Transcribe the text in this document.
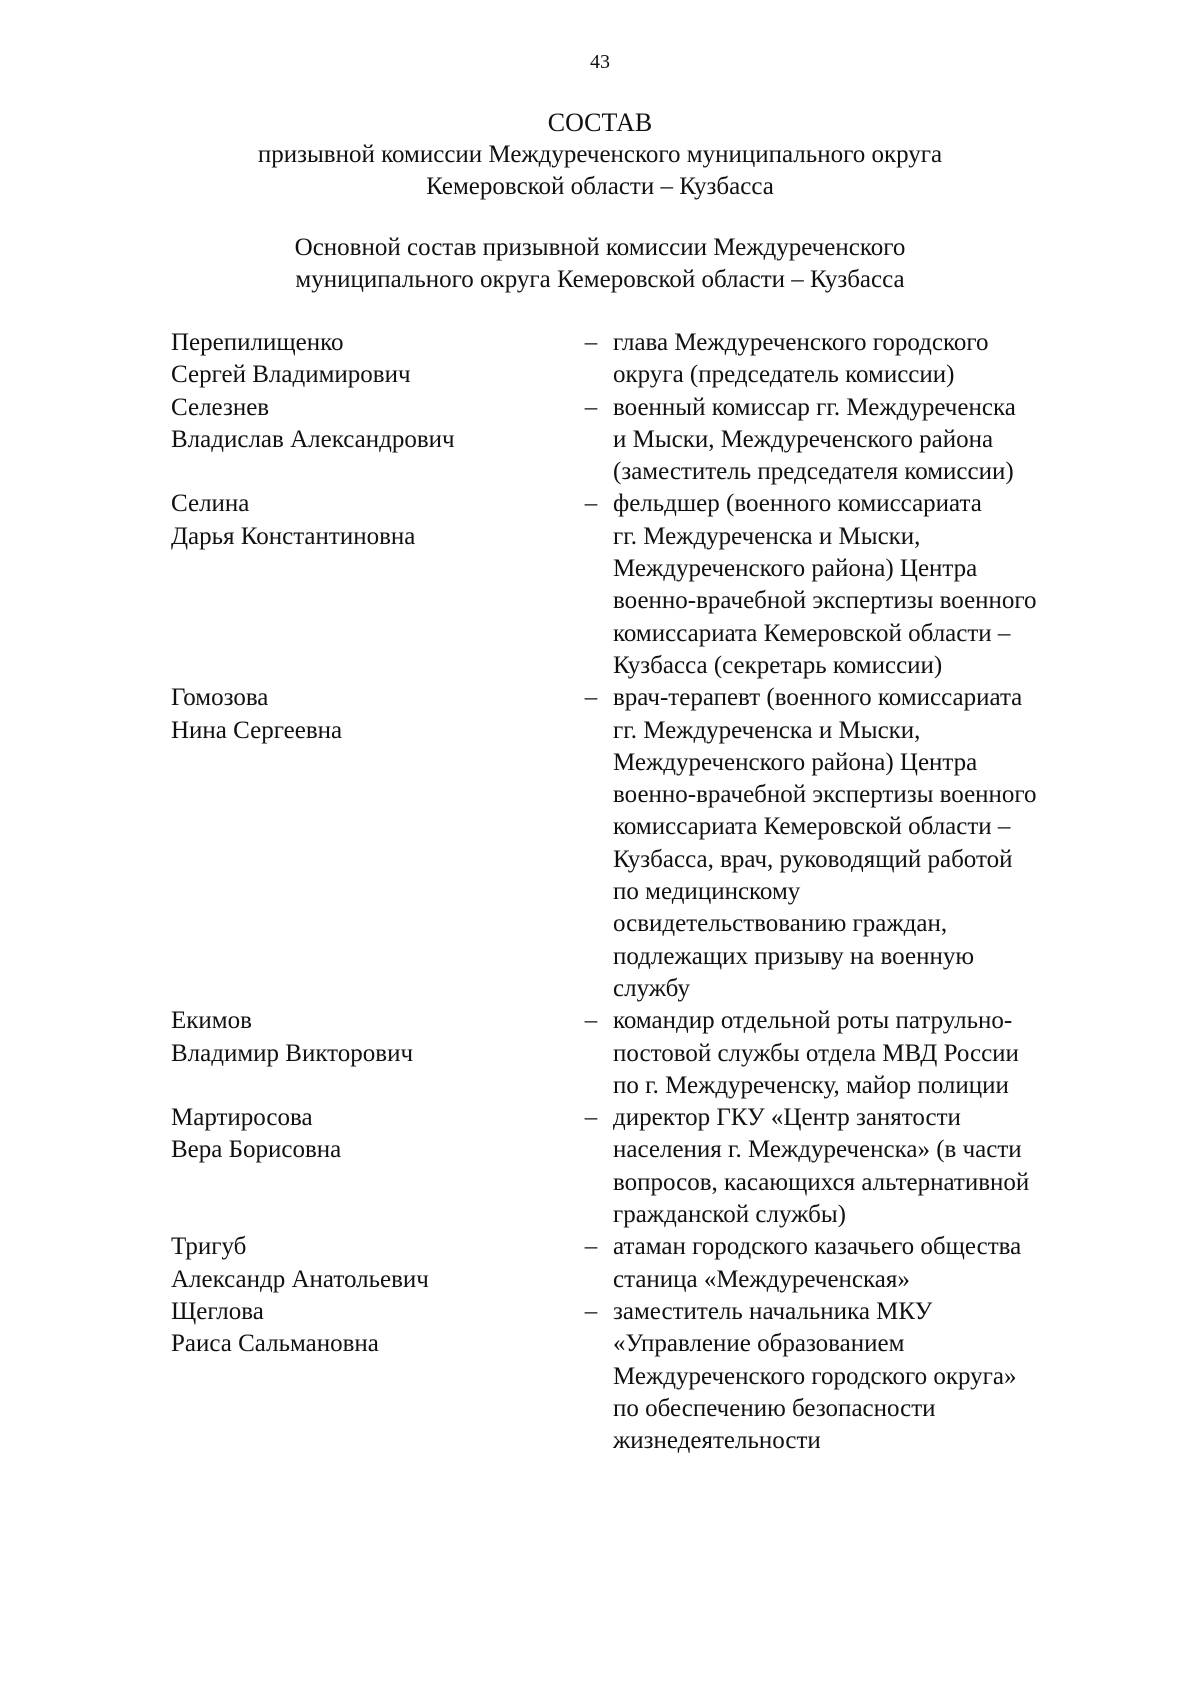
43
СОСТАВ
призывной комиссии Междуреченского муниципального округа
Кемеровской области – Кузбасса
Основной состав призывной комиссии Междуреченского
муниципального округа Кемеровской области – Кузбасса
Перепилищенко
Сергей Владимирович
– глава Междуреченского городского
округа (председатель комиссии)
Селезнев
Владислав Александрович
– военный комиссар гг. Междуреченска
и Мыски, Междуреченского района
(заместитель председателя комиссии)
Селина
Дарья Константиновна
– фельдшер (военного комиссариата
гг. Междуреченска и Мыски,
Междуреченского района) Центра
военно-врачебной экспертизы военного
комиссариата Кемеровской области –
Кузбасса (секретарь комиссии)
Гомозова
Нина Сергеевна
– врач-терапевт (военного комиссариата
гг. Междуреченска и Мыски,
Междуреченского района) Центра
военно-врачебной экспертизы военного
комиссариата Кемеровской области –
Кузбасса, врач, руководящий работой
по медицинскому
освидетельствованию граждан,
подлежащих призыву на военную
службу
Екимов
Владимир Викторович
– командир отдельной роты патрульно-
постовой службы отдела МВД России
по г. Междуреченску, майор полиции
Мартиросова
Вера Борисовна
– директор ГКУ «Центр занятости
населения г. Междуреченска» (в части
вопросов, касающихся альтернативной
гражданской службы)
Тригуб
Александр Анатольевич
– атаман городского казачьего общества
станица «Междуреченская»
Щеглова
Раиса Сальмановна
– заместитель начальника МКУ
«Управление образованием
Междуреченского городского округа»
по обеспечению безопасности
жизнедеятельности
